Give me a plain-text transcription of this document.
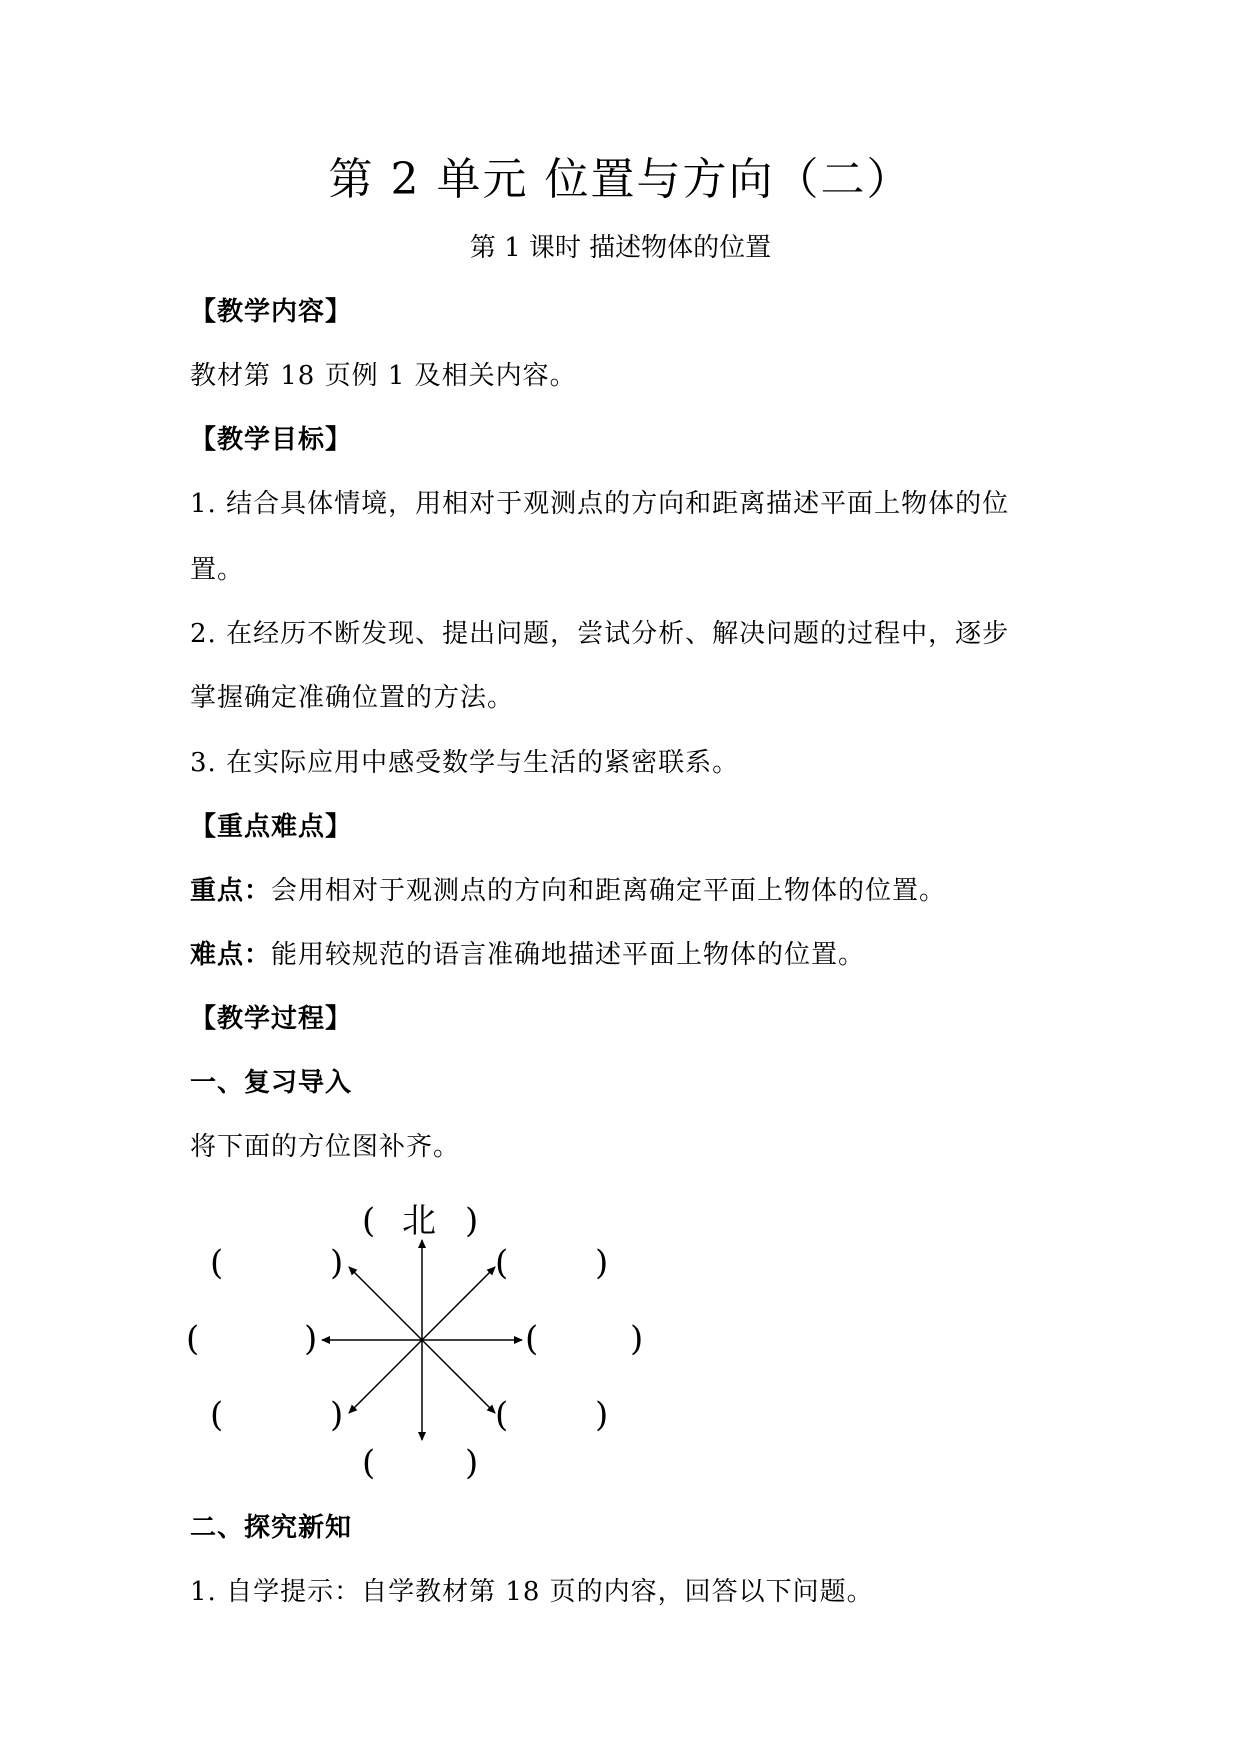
第 2 单元 位置与方向（二）
第 1 课时 描述物体的位置
【教学内容】
教材第 18 页例 1 及相关内容。
【教学目标】
1. 结合具体情境，用相对于观测点的方向和距离描述平面上物体的位
置。
2. 在经历不断发现、提出问题，尝试分析、解决问题的过程中，逐步
掌握确定准确位置的方法。
3. 在实际应用中感受数学与生活的紧密联系。
【重点难点】
重点：会用相对于观测点的方向和距离确定平面上物体的位置。
难点：能用较规范的语言准确地描述平面上物体的位置。
【教学过程】
一、复习导入
将下面的方位图补齐。
( 北 )
(	)	(	)
(	)	(	)
(	)	(	)
(	)
二、探究新知
1. 自学提示：自学教材第 18 页的内容，回答以下问题。
